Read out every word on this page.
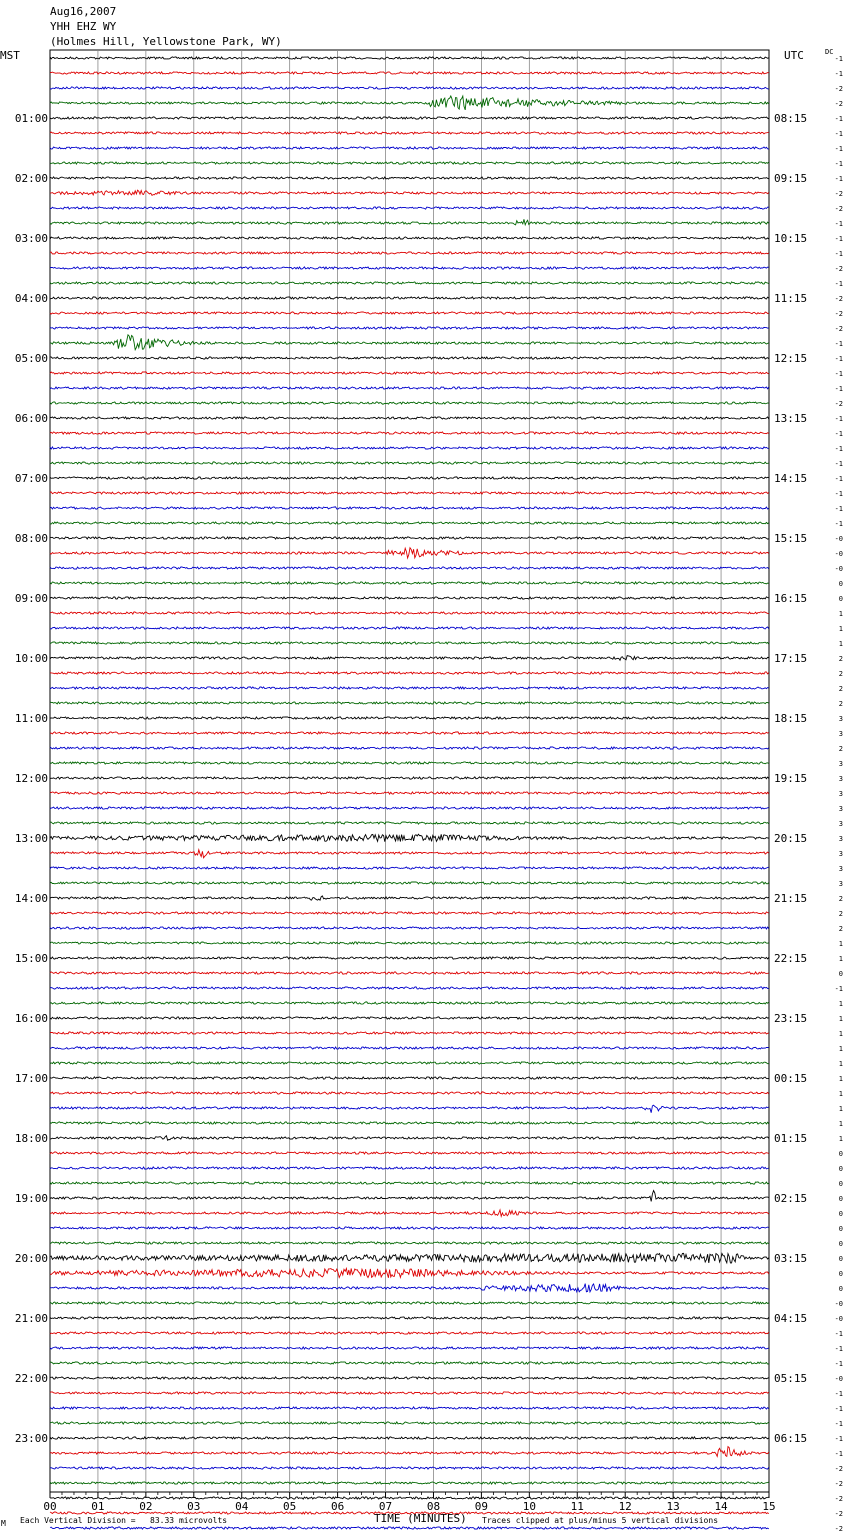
Aug16,2007
YHH EHZ WY
(Holmes Hill, Yellowstone Park, WY)
MST	UTC	DC
-1
-1
-2
-2
-1
-1
-1
-1
-1
-2
-2
-1
-1
-1
-2
-1
-2
-2
-2
-1
-1
-1
-1
-2
-1
-1
-1
-1
-1
-1
-1
-1
-0
-0
-0
0
0
1
1
1
2
2
2
2
3
3
2
3
3
3
3
3
3
3
3
3
2
2
2
1
1
0
-1
1
1
1
1
1
1
1
1
1
1
0
0
0
0
0
0
0
0
0
0
-0
-0
-1
-1
-1
-0
-1
-1
-1
-1
-1
-2
-2
-2
-2
-2
01:00
02:00
03:00
04:00
05:00
06:00
07:00
08:00
09:00
10:00
11:00
12:00
13:00
14:00
15:00
16:00
17:00
18:00
19:00
20:00
21:00
22:00
23:00
08:15
09:15
10:15
11:15
12:15
13:15
14:15
15:15
16:15
17:15
18:15
19:15
20:15
21:15
22:15
23:15
00:15
01:15
02:15
03:15
04:15
05:15
06:15
00	01	02	03	04	05	06	07	08	09	10	11	12	13	14	15
M Each Vertical Division =   83.33 microvolts	TIME (MINUTES) Traces clipped at plus/minus 5 vertical divisions
